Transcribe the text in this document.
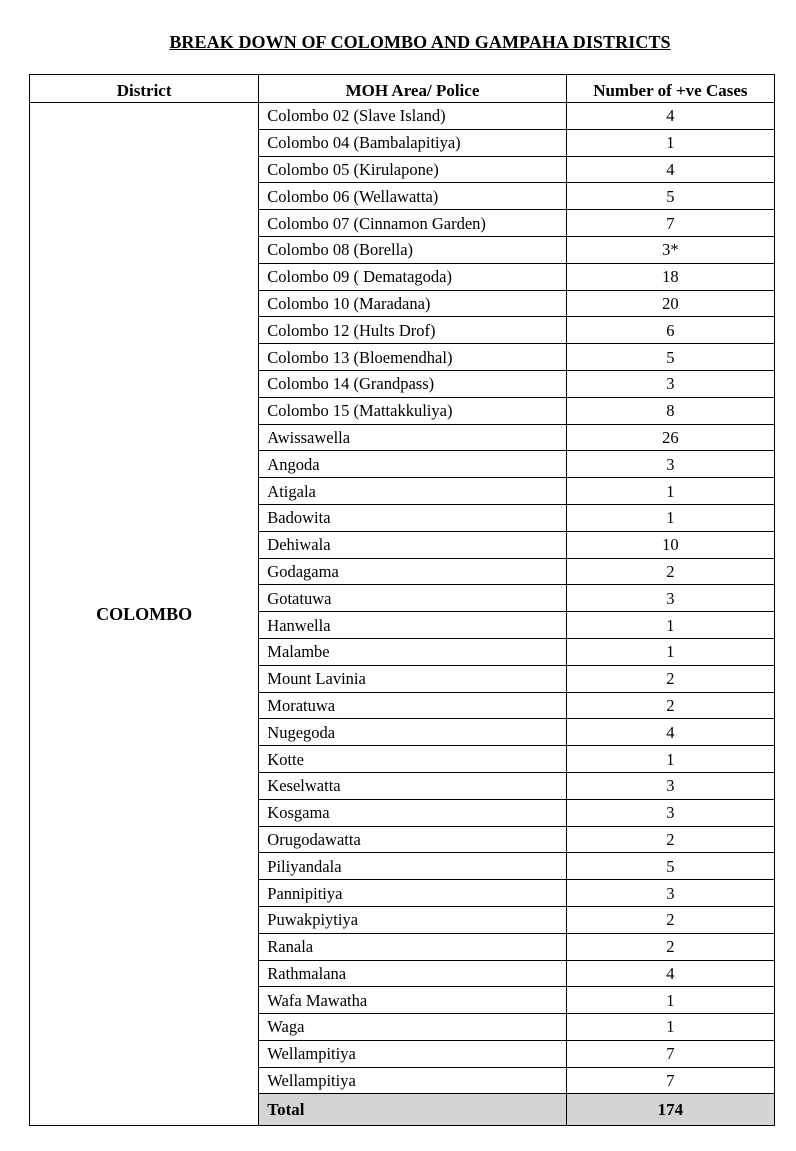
BREAK DOWN OF COLOMBO AND GAMPAHA DISTRICTS
District	MOH Area/ Police	Number of +ve Cases
COLOMBO	Colombo 02 (Slave Island)	4
	Colombo 04 (Bambalapitiya)	1
	Colombo 05 (Kirulapone)	4
	Colombo 06 (Wellawatta)	5
	Colombo 07 (Cinnamon Garden)	7
	Colombo 08 (Borella)	3*
	Colombo 09 ( Dematagoda)	18
	Colombo 10 (Maradana)	20
	Colombo 12 (Hults Drof)	6
	Colombo 13 (Bloemendhal)	5
	Colombo 14 (Grandpass)	3
	Colombo 15 (Mattakkuliya)	8
	Awissawella	26
	Angoda	3
	Atigala	1
	Badowita	1
	Dehiwala	10
	Godagama	2
	Gotatuwa	3
	Hanwella	1
	Malambe	1
	Mount Lavinia	2
	Moratuwa	2
	Nugegoda	4
	Kotte	1
	Keselwatta	3
	Kosgama	3
	Orugodawatta	2
	Piliyandala	5
	Pannipitiya	3
	Puwakpiytiya	2
	Ranala	2
	Rathmalana	4
	Wafa Mawatha	1
	Waga	1
	Wellampitiya	7
	Wellampitiya	7
	Total	174
